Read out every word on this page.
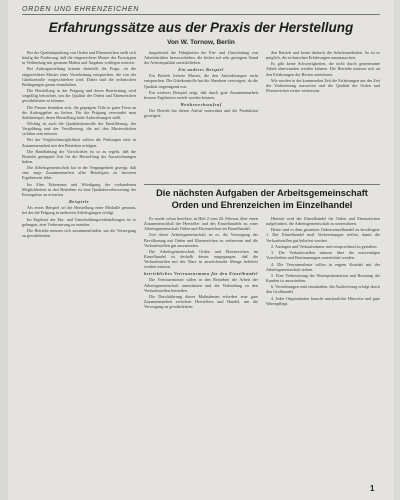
ORDEN UND EHRENZEICHEN
Erfahrungssätze aus der Praxis der Herstellung
Von W. Tornow, Berlin

Bei der Qualitätsprüfung von Orden und Ehrenzeichen stellt sich häufig die Forderung, daß die eingereichten Muster der Prototypen in Verbindung mit genauen Maßen und Angaben vorliegen müssen.

Bei Auftragserteilung kommt ebenfalls die Frage, ob die eingereichten Muster einer Verarbeitung entsprechen, die von der Gütekontrolle vorgeschrieben wird. Dabei sind die technischen Bedingungen genau einzuhalten.

Die Herstellung in der Prägung und deren Bearbeitung wird sorgfältig betrachtet, um die Qualität der Orden und Ehrenzeichen gewährleisten zu können.

Die Firmen bemühen sich, die geprägten Teile in guter Form an die Auftraggeber zu liefern. Für die Prägung verwendet man Stahlstempel, deren Herstellung hohe Anforderungen stellt.

Wichtig ist auch die Qualitätskontrolle der Emaillierung, der Vergoldung und der Versilberung, die auf den Musterstücken sichtbar sein müssen.

Bei der Vergleichsmöglichkeit sollten die Prüfungen stets in Zusammenarbeit mit den Betrieben erfolgen.

Die Handhabung der Vorschriften ist so zu regeln, daß die Betriebe genügend Zeit für die Herstellung der Auszeichnungen haben.

Die Arbeitsgemeinschaft hat in der Vergangenheit gezeigt, daß eine enge Zusammenarbeit aller Beteiligten zu besseren Ergebnissen führt.

Im Alter Erkenntnis und Würdigung der vorhandenen Möglichkeiten in den Betrieben ist eine Qualitätsverbesserung der Erzeugnisse zu erwarten.

Beispiele

Als erstes Beispiel sei die Herstellung einer Medaille genannt, bei der die Prägung in mehreren Arbeitsgängen erfolgt.

Im Ergebnis der Ein- und Umschuldungsverhandlungen ist es gelungen, eine Verbesserung zu erzielen.

Die Betriebe müssen sich zusammenfinden, um die Versorgung zu gewährleisten.

lungsbezirk die Fähigkeiten der Ein- und Umschulung von Arbeitskräften hervorzuheben, die bisher auf sehr geringem Stand der Arbeitsqualität zurückblieben.

Ein anderes Beispiel

Ein Betrieb lieferte Muster, die den Anforderungen nicht entsprachen. Die Gütekontrolle hat die Abnahme verweigert, da die Qualität ungenügend war.

Ein weiteres Beispiel zeigt, daß durch gute Zusammenarbeit bessere Ergebnisse erzielt werden können.

Wettbewerbsaufruf

Der Betrieb hat diesen Aufruf unterstützt und die Produktion gesteigert.

den Betrieb und kennt dadurch die Arbeitsmethoden. So ist es möglich, die technischen Erfahrungen auszutauschen.

Es gibt keine Schwierigkeiten, die nicht durch gemeinsame Arbeit überwunden werden können. Die Betriebe müssen sich an den Erfahrungen der Besten orientieren.

Wir werden in der kommenden Zeit die Erfahrungen aus der Zeit der Vorbereitung auswerten und die Qualität der Orden und Ehrenzeichen weiter verbessern.

Die nächsten Aufgaben der Arbeitsgemeinschaft Orden und Ehrenzeichen im Einzelhandel

Es wurde schon berichtet, in Heft 2 vom 20. Februar, über einen Zusammenschluß der Hersteller und des Einzelhandels zu einer Arbeitsgemeinschaft Orden und Ehrenzeichen im Einzelhandel.

Ziel dieser Arbeitsgemeinschaft ist es, die Versorgung der Bevölkerung mit Orden und Ehrenzeichen zu verbessern und die Verkaufsstellen gut auszustatten.

Die Arbeitsgemeinschaft Orden und Ehrenzeichen im Einzelhandel ist deshalb davon ausgegangen, daß die Verkaufsstellen mit der Ware in ausreichender Menge beliefert werden müssen.

betriebliches Vertrauensmann für den Einzelhandel

Die Vertrauensleute sollen in den Betrieben die Arbeit der Arbeitsgemeinschaft unterstützen und die Verbindung zu den Verkaufsstellen herstellen.

Die Durchführung dieser Maßnahmen erfordert eine gute Zusammenarbeit zwischen Herstellern und Handel, um die Versorgung zu gewährleisten.

Hiermit wird der Einzelhandel für Orden und Ehrenzeichen aufgefordert, die Arbeitsgemeinschaft zu unterstützen.

Heute sind es dem gesamten Ordenseinzelhandel zu bewältigen: 1. Der Einzelhandel muß Vorbereitungen treffen, damit die Verkaufsstellen gut beliefert werden.

2. Auslagen und Verkaufsräume sind entsprechend zu gestalten.

3. Die Verkaufsstellen müssen über die notwendigen Vorschriften und Bestimmungen unterrichtet werden.

4. Die Vertrauensleute sollen in engem Kontakt mit der Arbeitsgemeinschaft stehen.

5. Eine Verbesserung der Warenpräsentation und Beratung der Kunden ist anzustreben.

6. Verordnungen sind einzuhalten, die Auslieferung erfolgt durch den Großhandel.

4. Jeder Originalorden braucht anschauliche Hinweise und gute Warenpflege.

1
